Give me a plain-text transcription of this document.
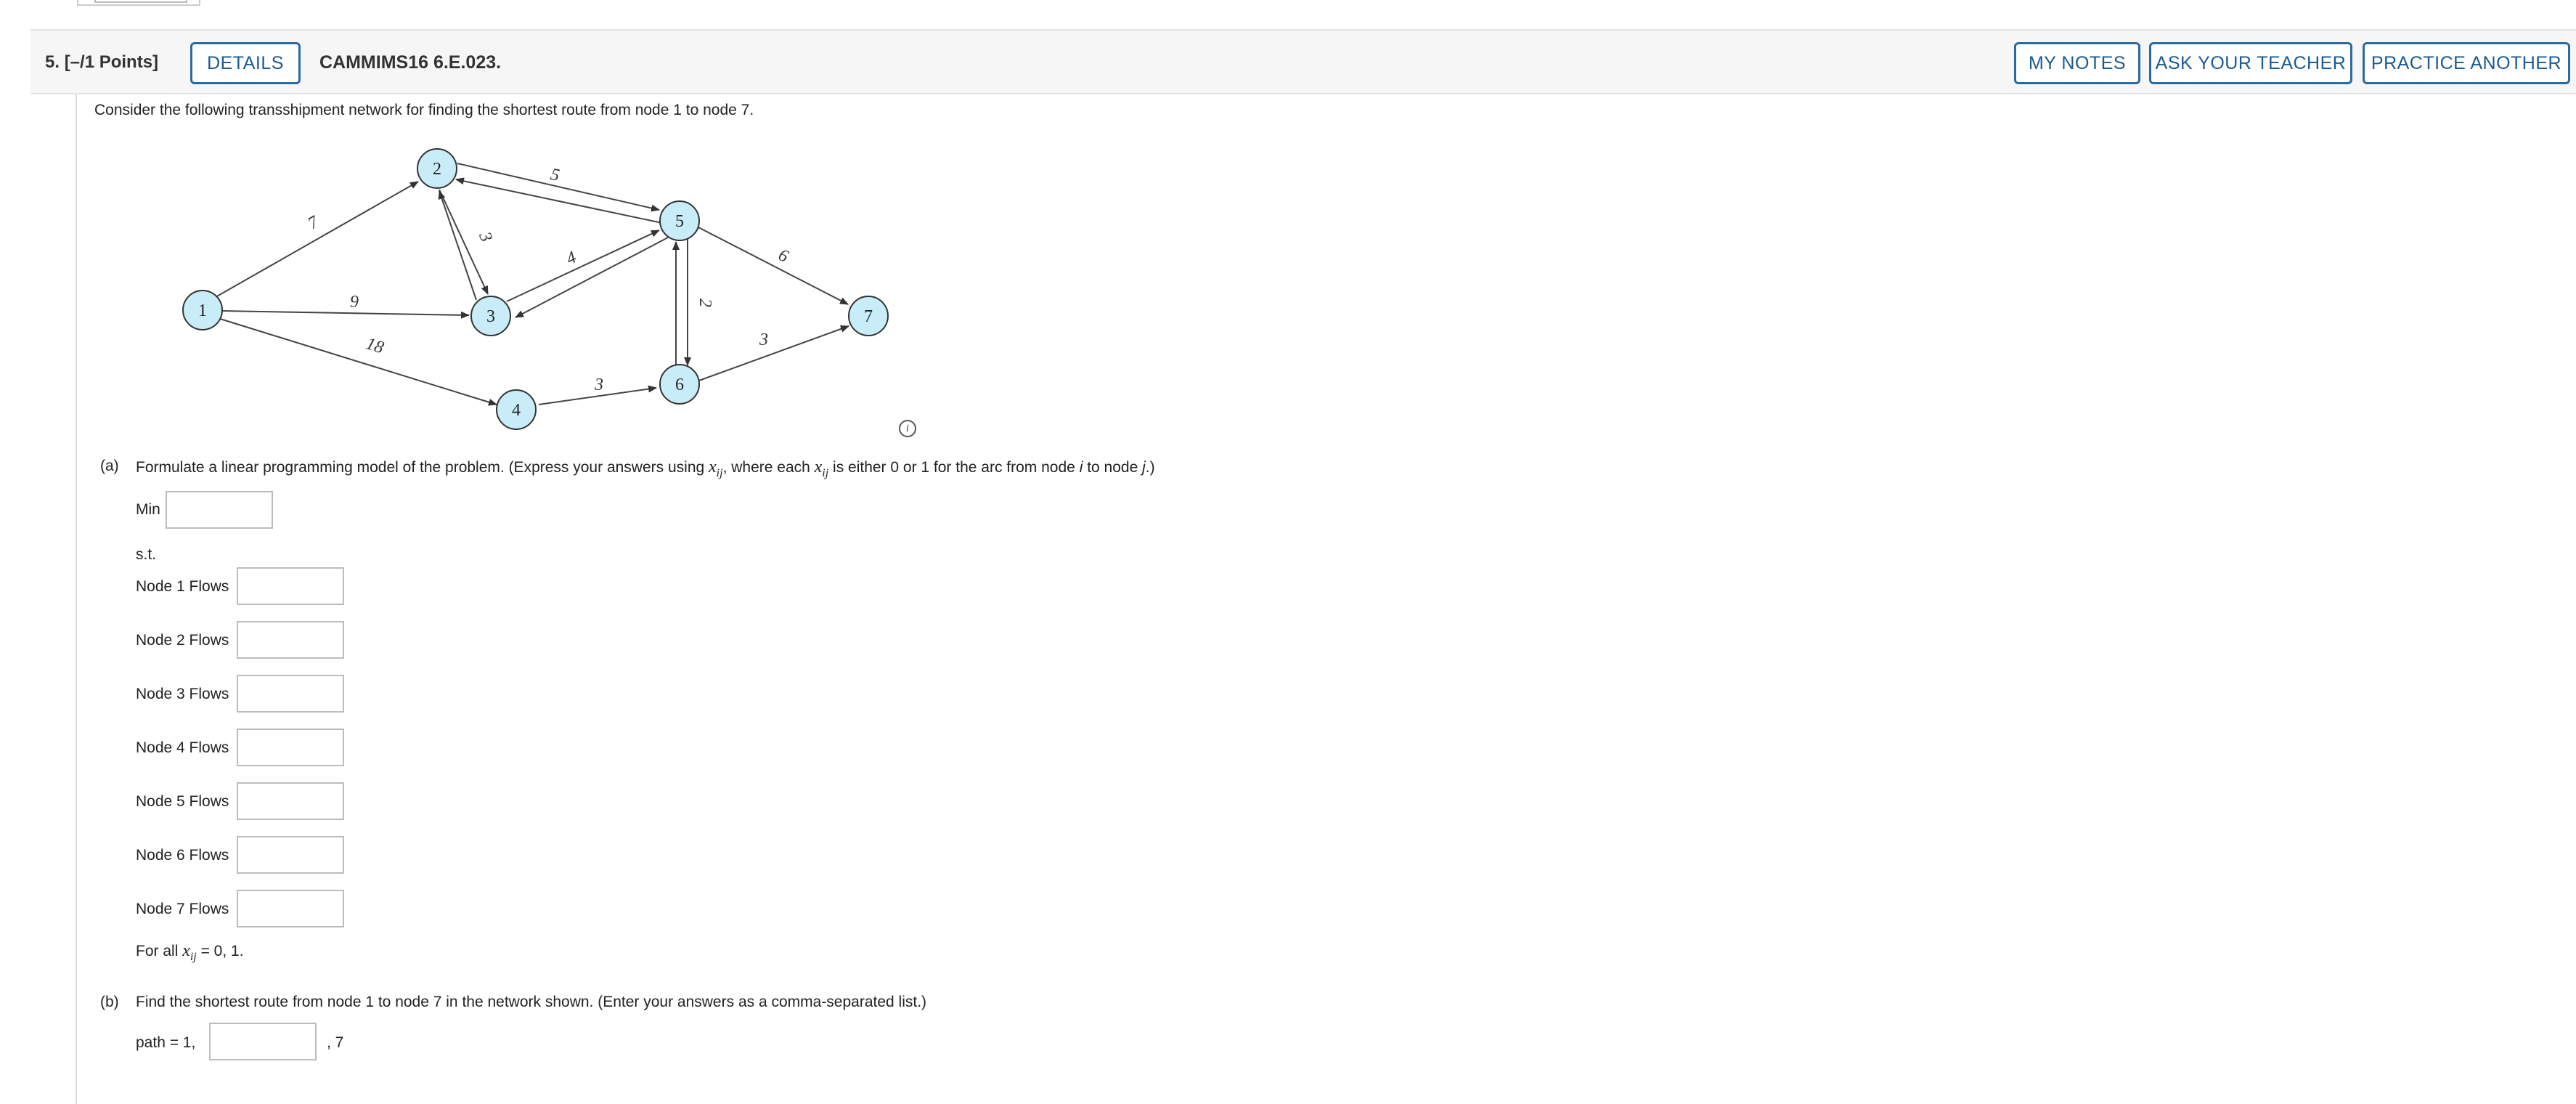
5. [–/1 Points]	DETAILS	CAMMIMS16 6.E.023.	MY NOTES	ASK YOUR TEACHER	PRACTICE ANOTHER
Consider the following transshipment network for finding the shortest route from node 1 to node 7.
7
9
18
5
3
4
3
2
6
3
1
2
3
4
5
6
7
i
(a) Formulate a linear programming model of the problem. (Express your answers using $x_{ij}$, where each $x_{ij}$ is either 0 or 1 for the arc from node i to node j.)
Min
s.t.
Node 1 Flows
Node 2 Flows
Node 3 Flows
Node 4 Flows
Node 5 Flows
Node 6 Flows
Node 7 Flows
For all $x_{ij} = 0$, 1.
(b) Find the shortest route from node 1 to node 7 in the network shown. (Enter your answers as a comma-separated list.)
path = 1,	, 7
